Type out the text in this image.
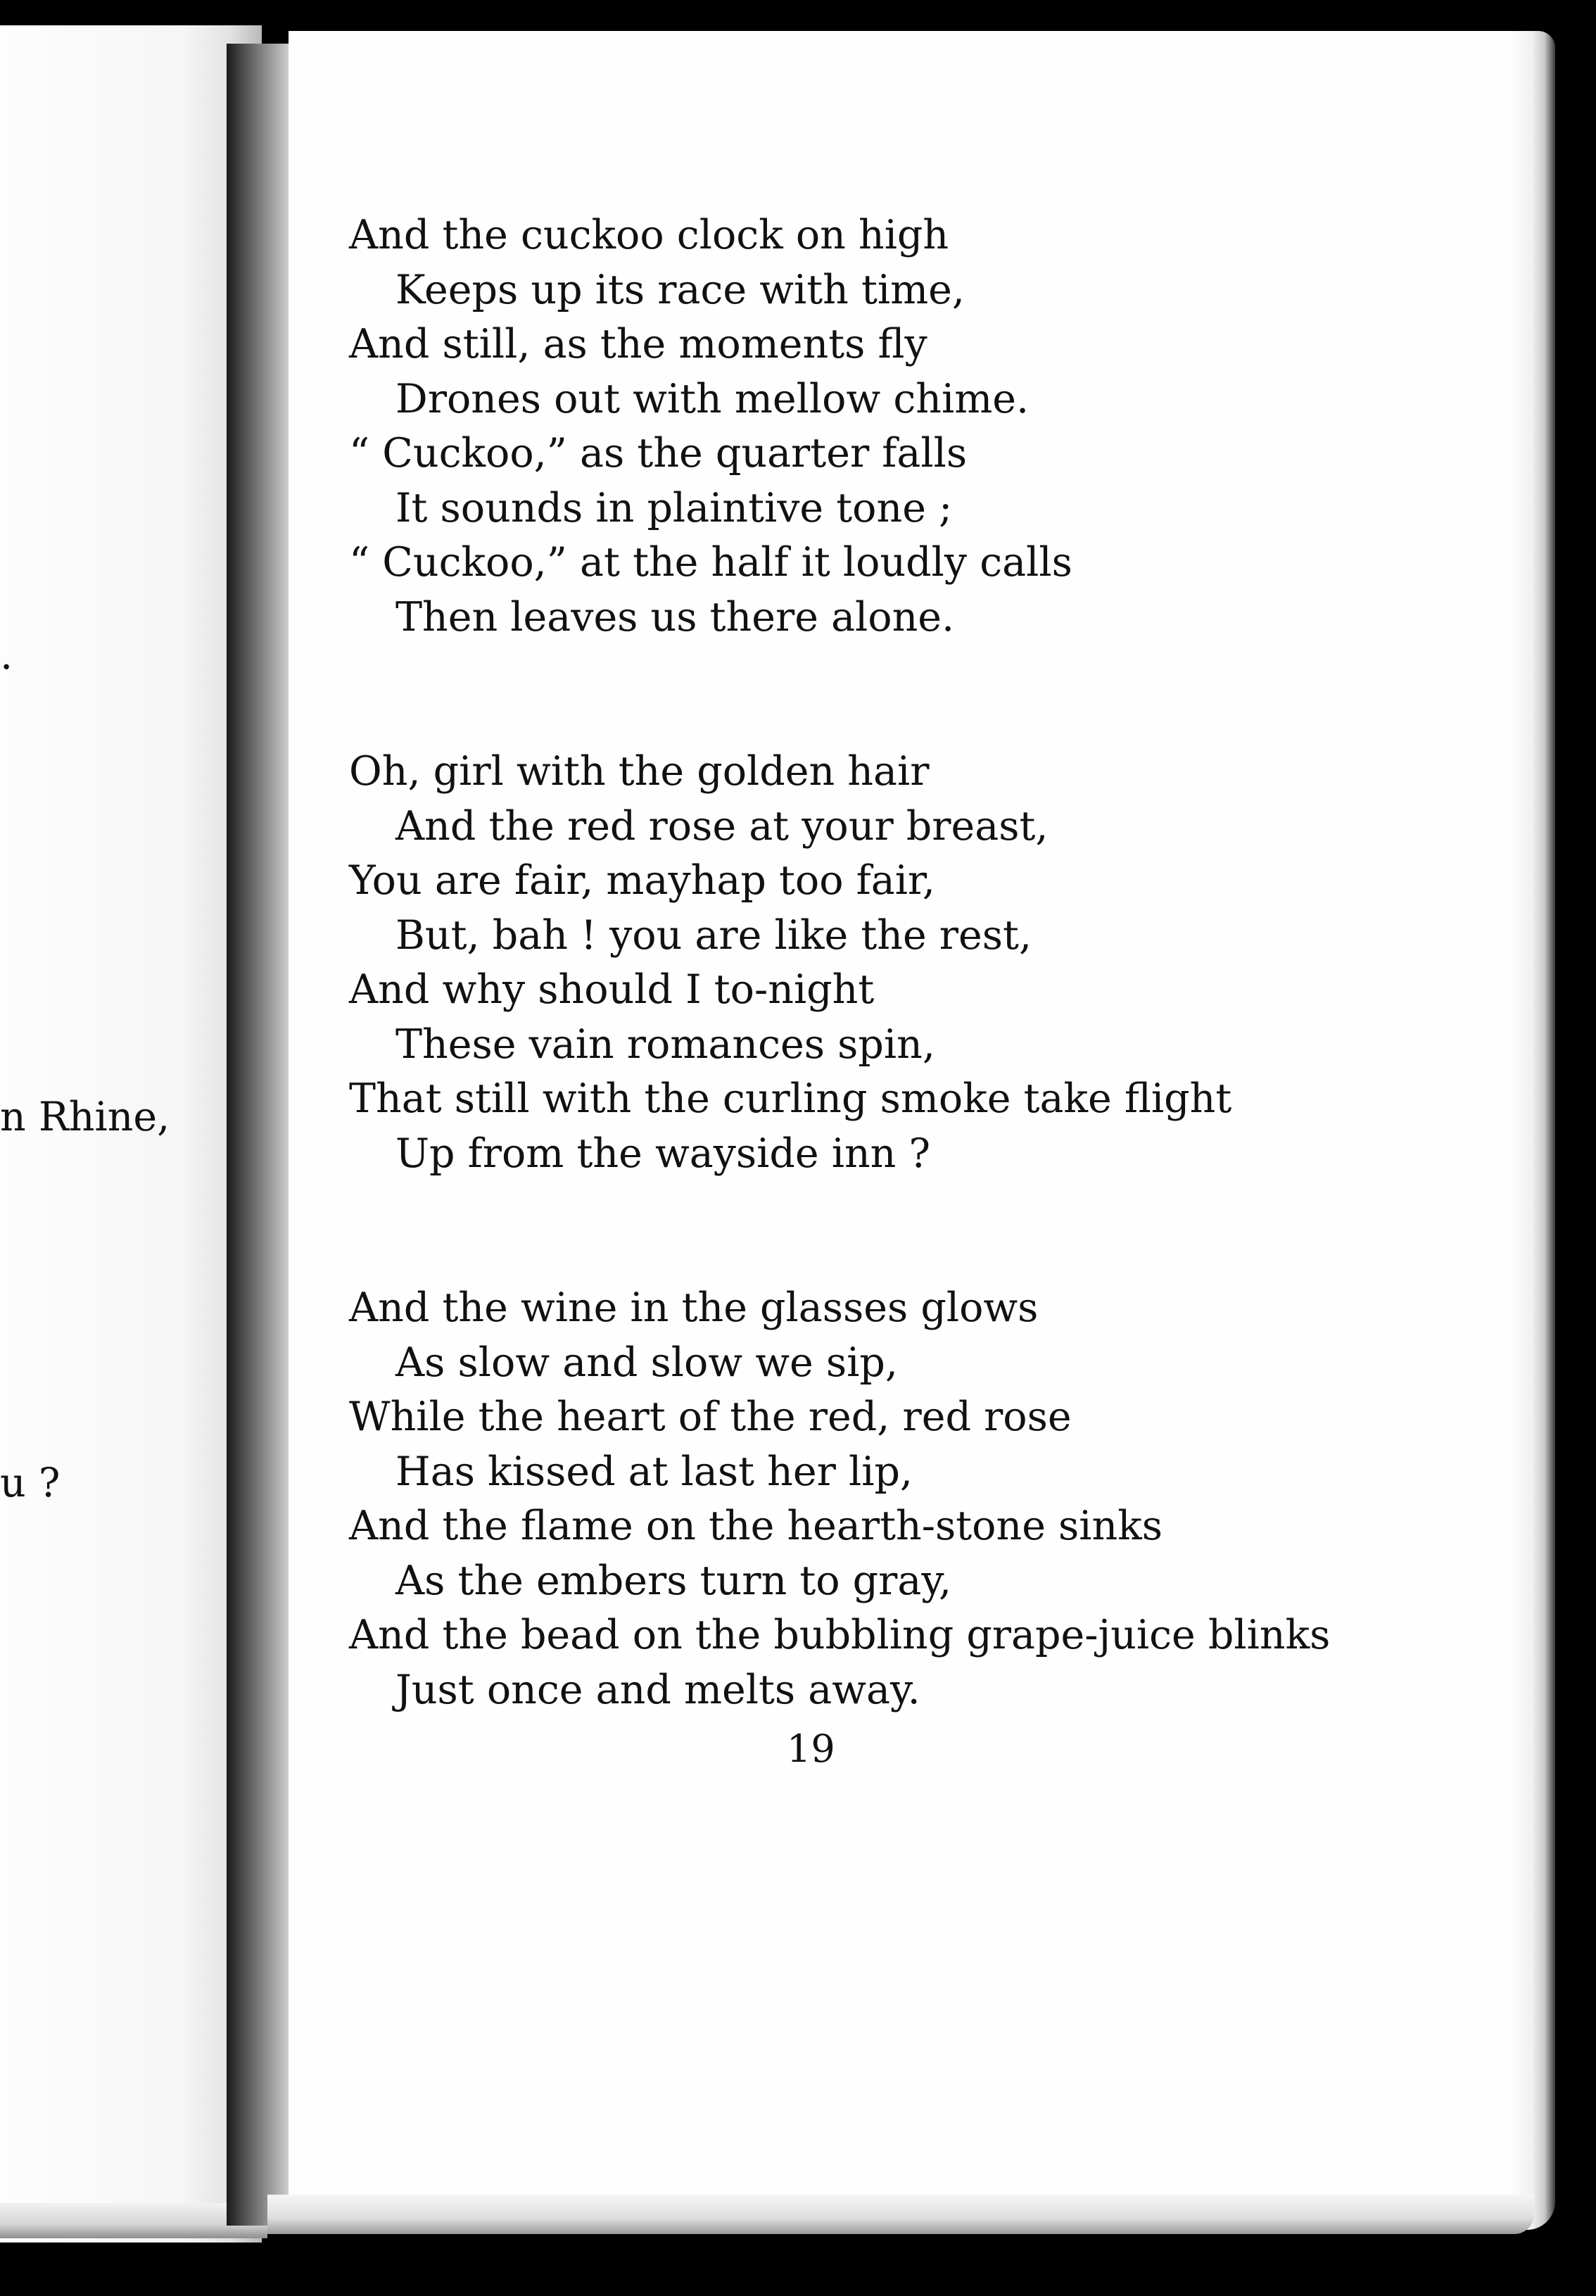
.
n Rhine,
u ?
And the cuckoo clock on high
Keeps up its race with time,
And still, as the moments fly
Drones out with mellow chime.
“ Cuckoo,” as the quarter falls
It sounds in plaintive tone ;
“ Cuckoo,” at the half it loudly calls
Then leaves us there alone.
Oh, girl with the golden hair
And the red rose at your breast,
You are fair, mayhap too fair,
But, bah ! you are like the rest,
And why should I to-night
These vain romances spin,
That still with the curling smoke take flight
Up from the wayside inn ?
And the wine in the glasses glows
As slow and slow we sip,
While the heart of the red, red rose
Has kissed at last her lip,
And the flame on the hearth-stone sinks
As the embers turn to gray,
And the bead on the bubbling grape-juice blinks
Just once and melts away.
19
